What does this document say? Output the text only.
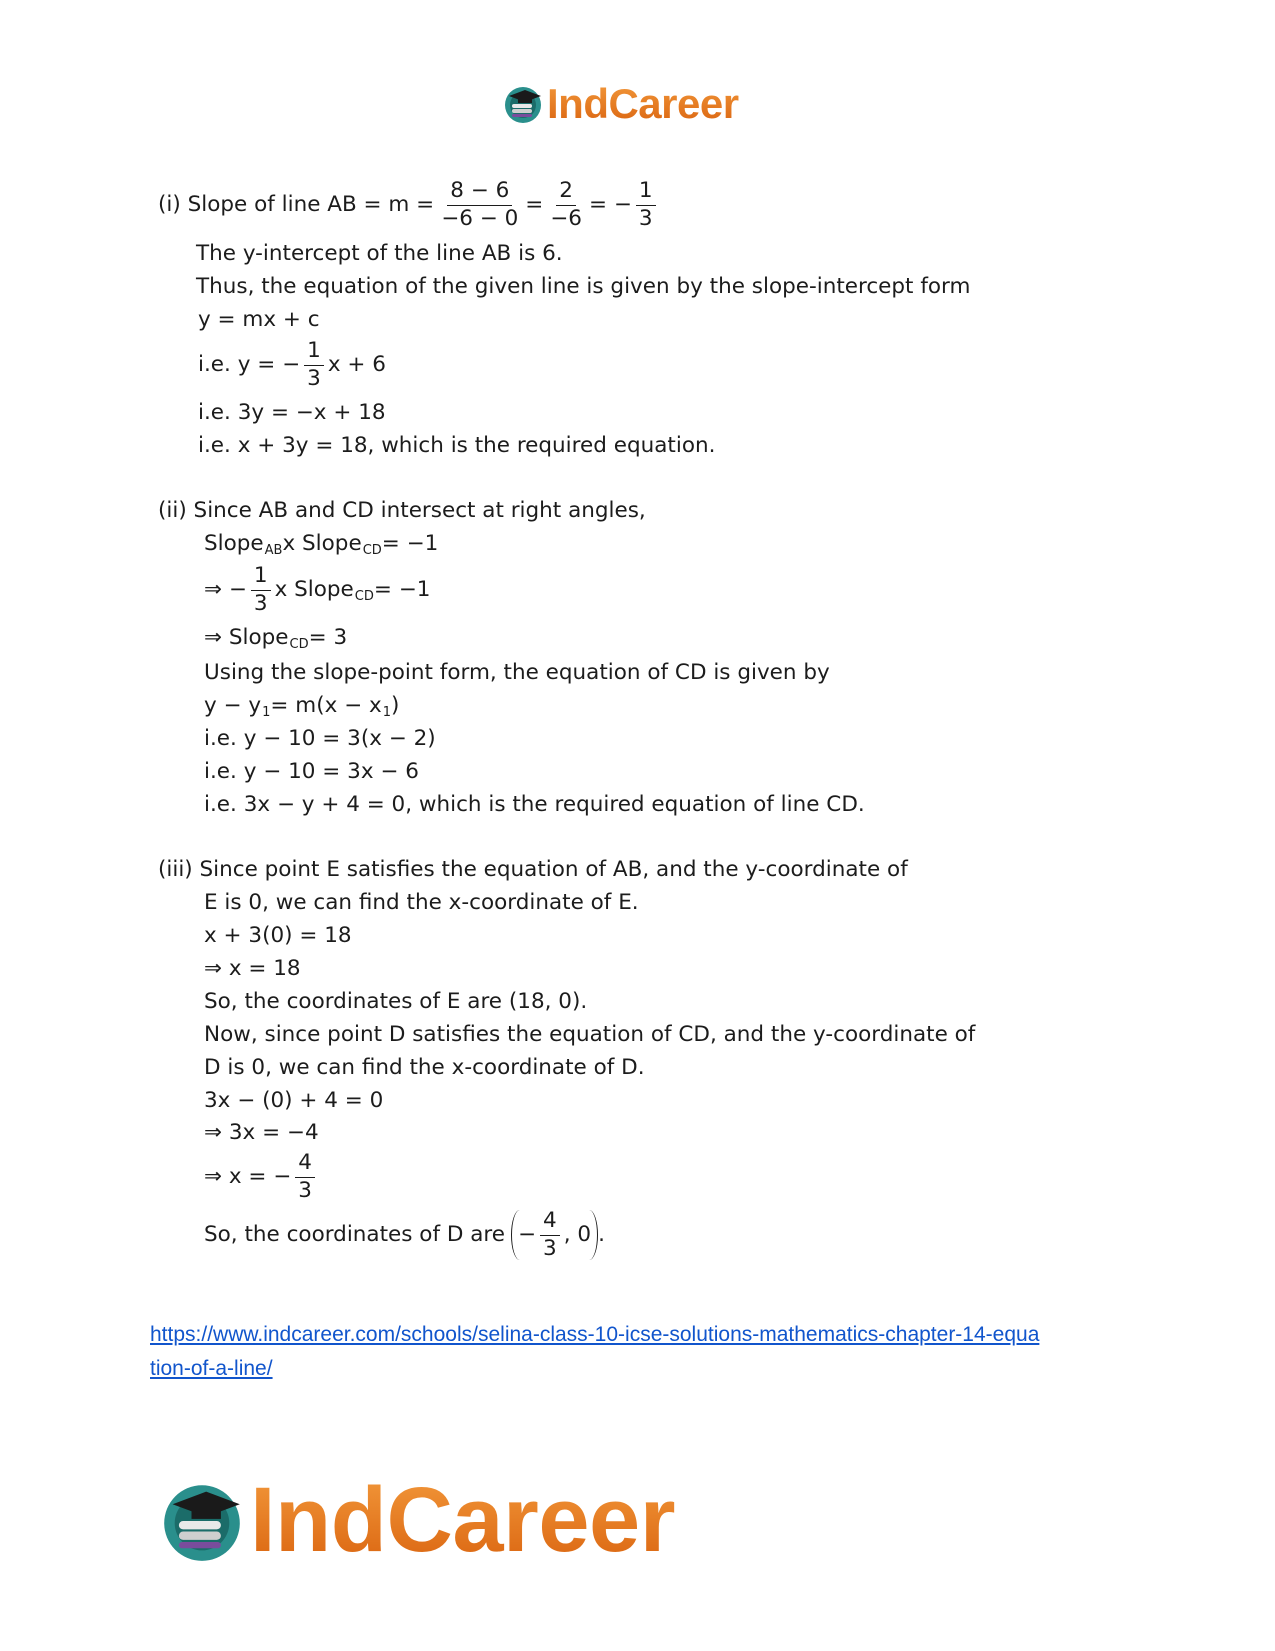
IndCareer
(i) Slope of line AB = $m = \frac{8 - 6}{-6 - 0} = \frac{2}{-6}$ = − $\frac{1}{3}$
The y-intercept of the line AB is 6.
Thus, the equation of the given line is given by the slope-intercept form
y = mx + c
i.e. y = − $\frac{1}{3}$ x + 6
i.e. 3y = −x + 18
i.e. x + 3y = 18, which is the required equation.
(ii) Since AB and CD intersect at right angles,
Slope AB x Slope CD = −1
⇒ − $\frac{1}{3}$ x Slope CD = −1
⇒ Slope CD = 3
Using the slope-point form, the equation of CD is given by
y − y 1 = m(x − x 1 )
i.e. y − 10 = 3(x − 2)
i.e. y − 10 = 3x − 6
i.e. 3x − y + 4 = 0, which is the required equation of line CD.
(iii) Since point E satisfies the equation of AB, and the y-coordinate of
E is 0, we can find the x-coordinate of E.
x + 3(0) = 18
⇒ x = 18
So, the coordinates of E are (18, 0).
Now, since point D satisfies the equation of CD, and the y-coordinate of
D is 0, we can find the x-coordinate of D.
3x − (0) + 4 = 0
⇒ 3x = −4
⇒ x = − $\frac{4}{3}$
So, the coordinates of D are − $\frac{4}{3}$ , 0 .
https://www.indcareer.com/schools/selina-class-10-icse-solutions-mathematics-chapter-14-equa
tion-of-a-line/
IndCareer
